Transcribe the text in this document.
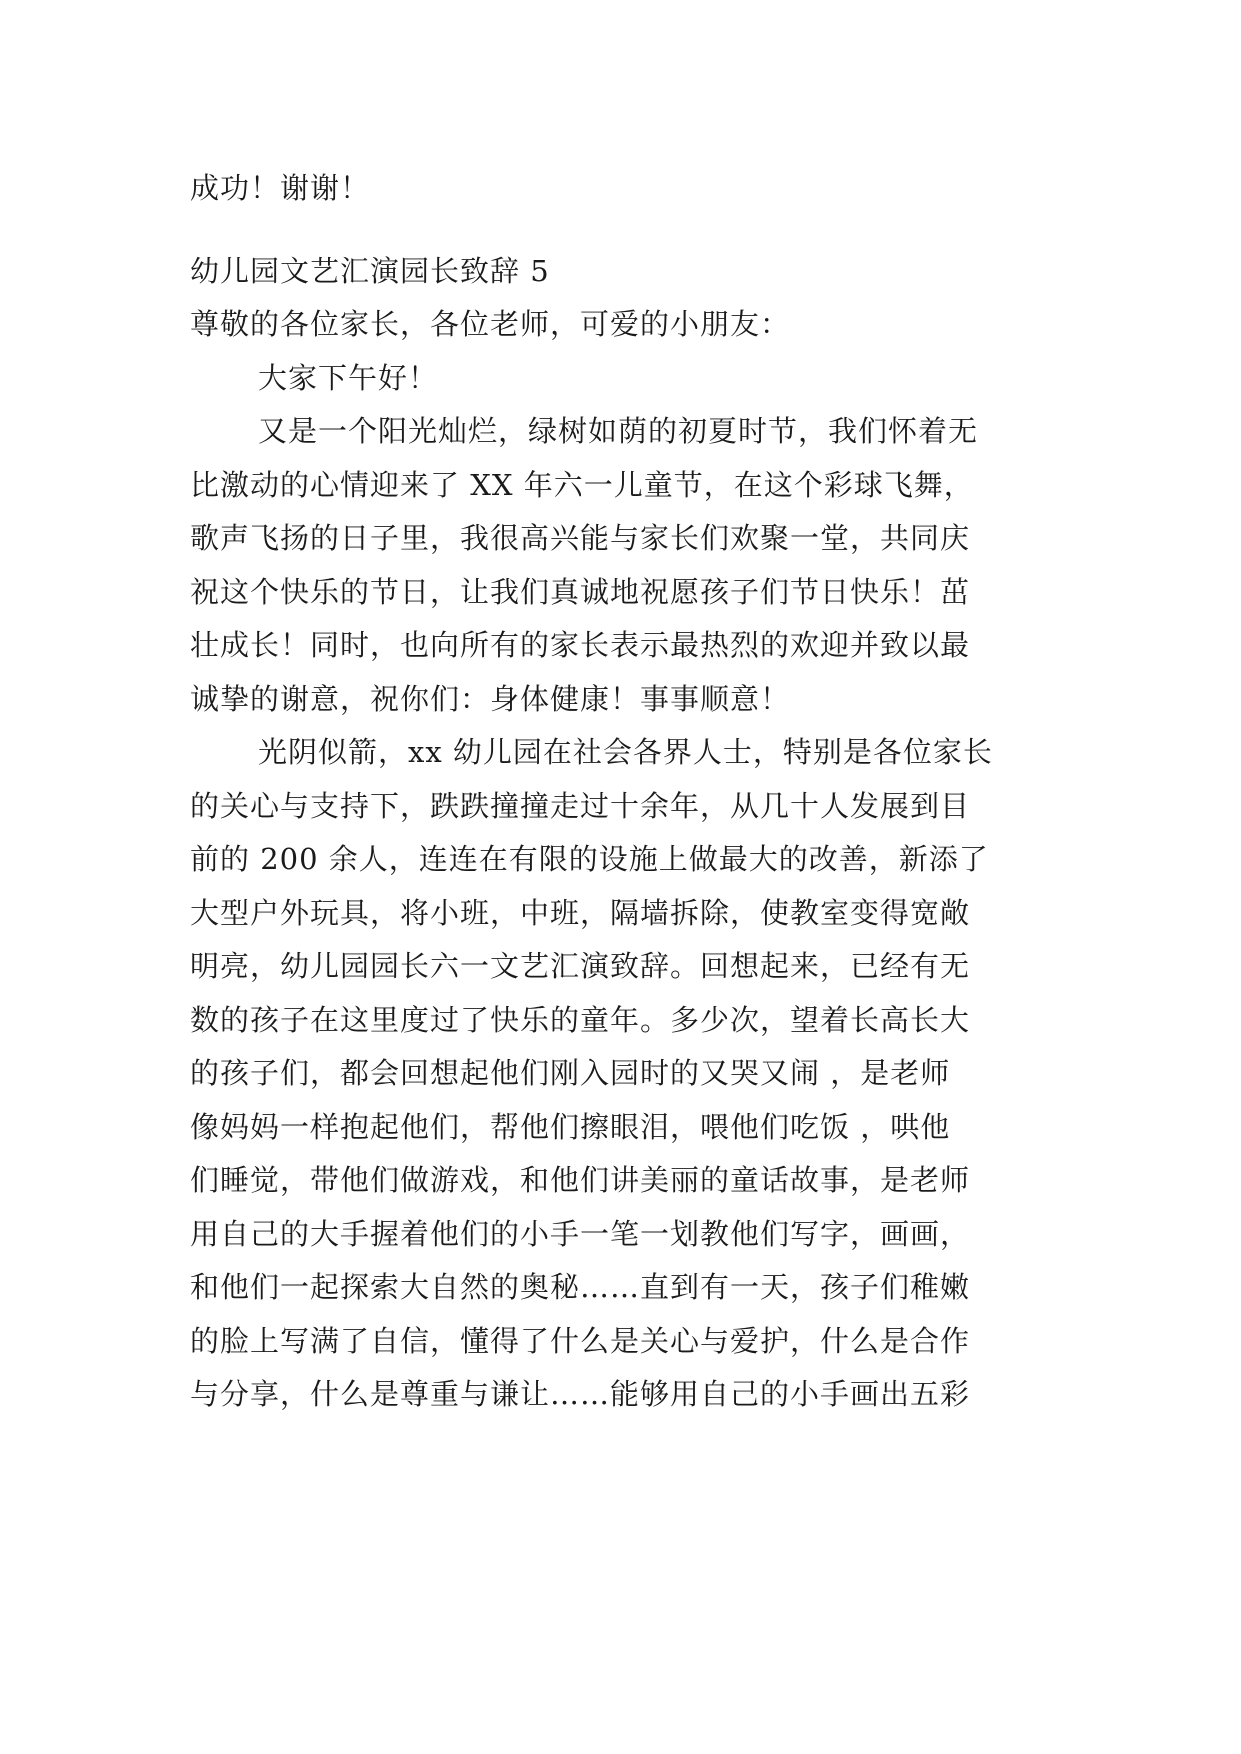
成功！谢谢！

幼儿园文艺汇演园长致辞 5

尊敬的各位家长，各位老师，可爱的小朋友：

大家下午好！

又是一个阳光灿烂，绿树如荫的初夏时节，我们怀着无

比激动的心情迎来了 XX 年六一儿童节，在这个彩球飞舞，

歌声飞扬的日子里，我很高兴能与家长们欢聚一堂，共同庆

祝这个快乐的节日，让我们真诚地祝愿孩子们节日快乐！茁

壮成长！同时，也向所有的家长表示最热烈的欢迎并致以最

诚挚的谢意，祝你们：身体健康！事事顺意！

光阴似箭，xx 幼儿园在社会各界人士，特别是各位家长

的关心与支持下，跌跌撞撞走过十余年，从几十人发展到目

前的 200 余人，连连在有限的设施上做最大的改善，新添了

大型户外玩具，将小班，中班，隔墙拆除，使教室变得宽敞

明亮，幼儿园园长六一文艺汇演致辞。回想起来，已经有无

数的孩子在这里度过了快乐的童年。多少次，望着长高长大

的孩子们，都会回想起他们刚入园时的又哭又闹 ，是老师

像妈妈一样抱起他们，帮他们擦眼泪，喂他们吃饭 ，哄他

们睡觉，带他们做游戏，和他们讲美丽的童话故事，是老师

用自己的大手握着他们的小手一笔一划教他们写字，画画，

和他们一起探索大自然的奥秘……直到有一天，孩子们稚嫩

的脸上写满了自信，懂得了什么是关心与爱护，什么是合作

与分享，什么是尊重与谦让……能够用自己的小手画出五彩
